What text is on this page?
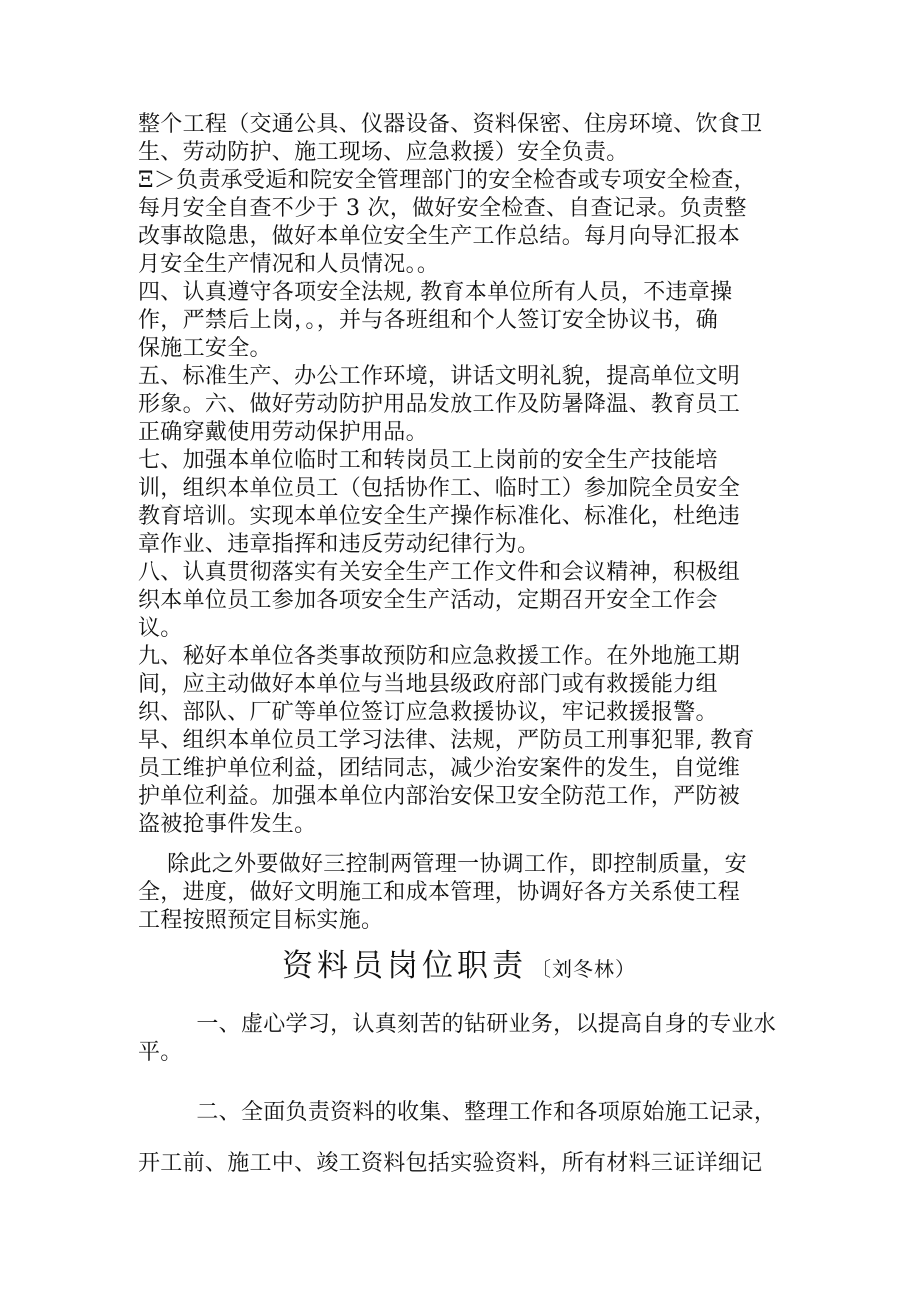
整个工程（交通公具、仪器设备、资料保密、住房环境、饮食卫
生、劳动防护、施工现场、应急救援）安全负责。
Ξ＞负责承受逅和院安全管理部门的安全检杳或专项安全检查，
每月安全自查不少于 3 次，做好安全检查、自查记录。负责整
改事故隐患，做好本单位安全生产工作总结。每月向导汇报本
月安全生产情况和人员情况。。
四、认真遵守各项安全法规, 教育本单位所有人员，不违章操
作，严禁后上岗，。，并与各班组和个人签订安全协议书，确
保施工安全。
五、标准生产、办公工作环境，讲话文明礼貌，提高单位文明
形象。六、做好劳动防护用品发放工作及防暑降温、教育员工
正确穿戴使用劳动保护用品。
七、加强本单位临时工和转岗员工上岗前的安全生产技能培
训，组织本单位员工（包括协作工、临时工）参加院全员安全
教育培训。实现本单位安全生产操作标准化、标准化，杜绝违
章作业、违章指挥和违反劳动纪律行为。
八、认真贯彻落实有关安全生产工作文件和会议精神，积极组
织本单位员工参加各项安全生产活动，定期召开安全工作会
议。
九、秘好本单位各类事故预防和应急救援工作。在外地施工期
间，应主动做好本单位与当地县级政府部门或有救援能力组
织、部队、厂矿等单位签订应急救援协议，牢记救援报警。
早、组织本单位员工学习法律、法规，严防员工刑事犯罪, 教育
员工维护单位利益，团结同志，减少治安案件的发生，自觉维
护单位利益。加强本单位内部治安保卫安全防范工作，严防被
盗被抢事件发生。
除此之外要做好三控制两管理一协调工作，即控制质量，安
全，进度，做好文明施工和成本管理，协调好各方关系使工程
工程按照预定目标实施。
资料员岗位职责 〔刘冬林）
一、虚心学习，认真刻苦的钻研业务，以提高自身的专业水
平。
二、全面负责资料的收集、整理工作和各项原始施工记录，
开工前、施工中、竣工资料包括实验资料，所有材料三证详细记
